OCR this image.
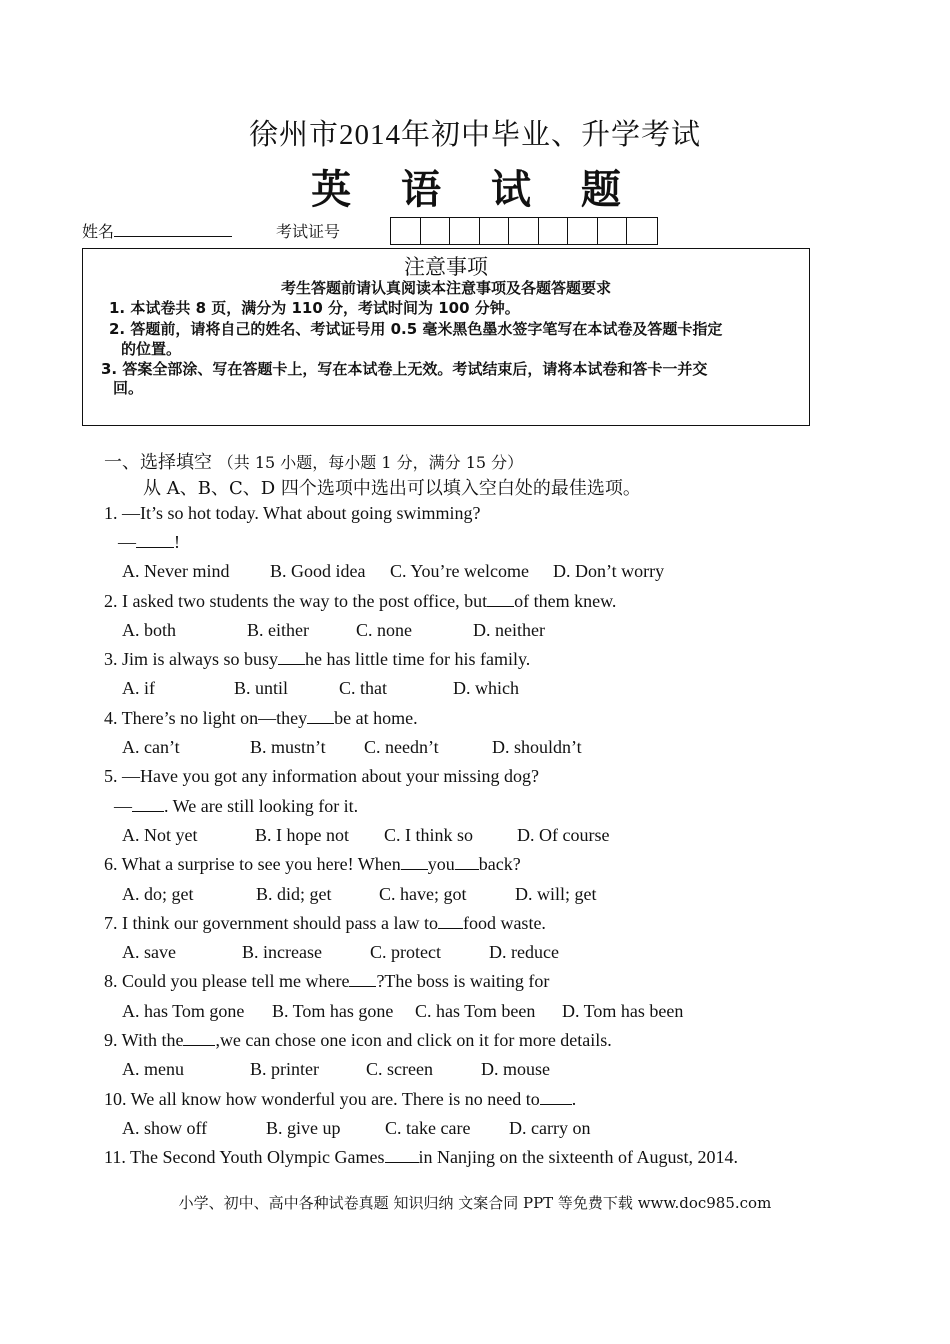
徐州市2014年初中毕业、升学考试
英 语 试 题
姓名	考试证号
注意事项
考生答题前请认真阅读本注意事项及各题答题要求
1. 本试卷共 8 页，满分为 110 分，考试时间为 100 分钟。
2. 答题前，请将自己的姓名、考试证号用 0.5 毫米黑色墨水签字笔写在本试卷及答题卡指定
的位置。
3. 答案全部涂、写在答题卡上，写在本试卷上无效。考试结束后，请将本试卷和答卡一并交
回。
一、选择填空 （共 15 小题，每小题 1 分，满分 15 分）
从 A、B、C、D 四个选项中选出可以填入空白处的最佳选项。
1. —It’s so hot today. What about going swimming?
— !
A. Never mind B. Good idea C. You’re welcome D. Don’t worry
2. I asked two students the way to the post office, but of them knew.
A. both	B. either	C. none	D. neither
3. Jim is always so busy he has little time for his family.
A. if	B. until	C. that	D. which
4. There’s no light on—they be at home.
A. can’t	B. mustn’t C. needn’t	D. shouldn’t
5. —Have you got any information about your missing dog?
— . We are still looking for it.
A. Not yet	B. I hope not C. I think so D. Of course
6. What a surprise to see you here! When you back?
A. do; get	B. did; get	C. have; got	D. will; get
7. I think our government should pass a law to food waste.
A. save	B. increase	C. protect	D. reduce
8. Could you please tell me where ?The boss is waiting for
A. has Tom gone B. Tom has gone C. has Tom been D. Tom has been
9. With the ,we can chose one icon and click on it for more details.
A. menu	B. printer	C. screen	D. mouse
10. We all know how wonderful you are. There is no need to .
A. show off	B. give up C. take care D. carry on
11. The Second Youth Olympic Games in Nanjing on the sixteenth of August, 2014.
小学、初中、高中各种试卷真题 知识归纳 文案合同 PPT 等免费下载 www.doc985.com
